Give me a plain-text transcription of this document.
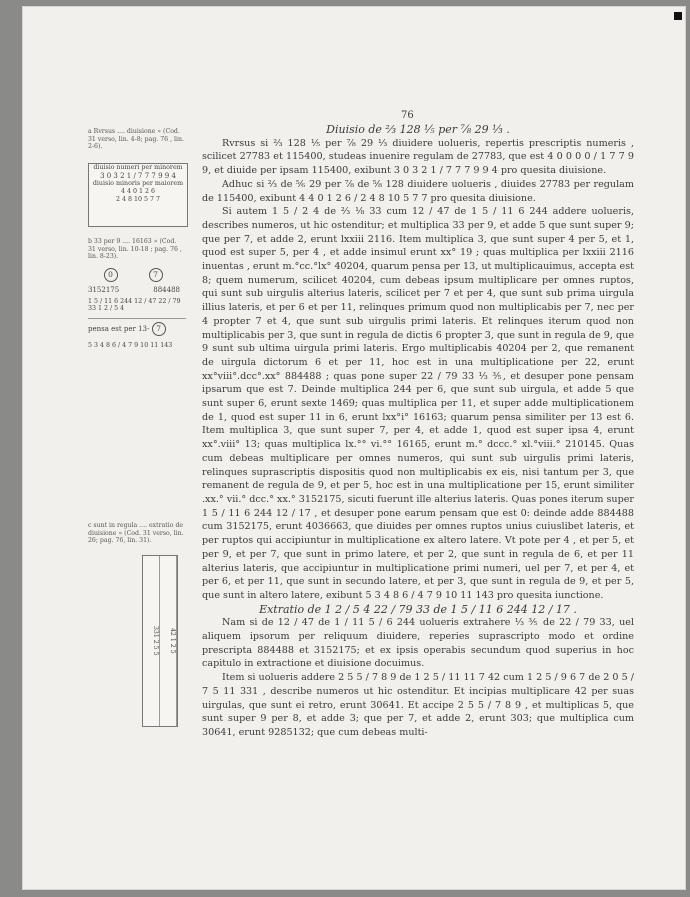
76

Diuisio de ⅔ 128 ⅕ per ⅞ 29 ⅓ .

Rvrsus si ⅔ 128 ⅕ per ⅞ 29 ⅓ diuidere uolueris, repertis prescriptis numeris , scilicet 27783 et 115400, studeas inuenire regulam de 27783, que est 4 0 0 0 0 / 1 7 7 9 9, et diuide per ipsam 115400, exibunt 3 0 3 2 1 / 7 7 7 9 9 4 pro quesita diuisione.

Adhuc si ⅔ de ⅚ 29 per ⅞ de ⅝ 128 diuidere uolueris , diuides 27783 per regulam de 115400, exibunt 4 4 0 1 2 6 / 2 4 8 10 5 7 7 pro quesita diuisione.

Si autem 1 5 / 2 4 de ⅔ ⅛ 33 cum 12 / 47 de 1 5 / 11 6 244 addere uolueris, describes numeros, ut hic ostenditur; et multiplica 33 per 9, et adde 5 que sunt super 9; que per 7, et adde 2, erunt lxxiii 2116. Item multiplica 3, que sunt super 4 per 5, et 1, quod est super 5, per 4 , et adde insimul erunt xx° 19 ; quas multiplica per lxxiii 2116 inuentas , erunt m.°cc.°lx° 40204, quarum pensa per 13, ut multiplicauimus, accepta est 8; quem numerum, scilicet 40204, cum debeas ipsum multiplicare per omnes ruptos, qui sunt sub uirgulis alterius lateris, scilicet per 7 et per 4, que sunt sub prima uirgula illius lateris, et per 6 et per 11, relinques primum quod non multiplicabis per 7, nec per 4 propter 7 et 4, que sunt sub uirgulis primi lateris. Et relinques iterum quod non multiplicabis per 3, que sunt in regula de dictis 6 propter 3, que sunt in regula de 9, que 9 sunt sub ultima uirgula primi lateris. Ergo multiplicabis 40204 per 2, que remanent de uirgula dictorum 6 et per 11, hoc est in una multiplicatione per 22, erunt xx°viii°.dcc°.xx° 884488 ; quas pone super 22 / 79 33 ⅓ ⅗, et desuper pone pensam ipsarum que est 7. Deinde multiplica 244 per 6, que sunt sub uirgula, et adde 5 que sunt super 6, erunt sexte 1469; quas multiplica per 11, et super adde multiplicationem de 1, quod est super 11 in 6, erunt lxx°i° 16163; quarum pensa similiter per 13 est 6. Item multiplica 3, que sunt super 7, per 4, et adde 1, quod est super ipsa 4, erunt xx°.viii° 13; quas multiplica lx.°° vi.°° 16165, erunt m.° dccc.° xl.°viii.° 210145. Quas cum debeas multiplicare per omnes numeros, qui sunt sub uirgulis primi lateris, relinques suprascriptis dispositis quod non multiplicabis ex eis, nisi tantum per 3, que remanent de regula de 9, et per 5, hoc est in una multiplicatione per 15, erunt similiter .xx.° vii.° dcc.° xx.° 3152175, sicuti fuerunt ille alterius lateris. Quas pones iterum super 1 5 / 11 6 244 12 / 17 , et desuper pone earum pensam que est 0: deinde adde 884488 cum 3152175, erunt 4036663, que diuides per omnes ruptos unius cuiuslibet lateris, et per ruptos qui accipiuntur in multiplicatione ex altero latere. Vt pote per 4 , et per 5, et per 9, et per 7, que sunt in primo latere, et per 2, que sunt in regula de 6, et per 11 alterius lateris, que accipiuntur in multiplicatione primi numeri, uel per 7, et per 4, et per 6, et per 11, que sunt in secundo latere, et per 3, que sunt in regula de 9, et per 5, que sunt in altero latere, exibunt 5 3 4 8 6 / 4 7 9 10 11 143 pro quesita iunctione.

Extratio de 1 2 / 5 4 22 / 79 33 de 1 5 / 11 6 244 12 / 17 .

Nam si de 12 / 47 de 1 / 11 5 / 6 244 uolueris extrahere ⅓ ⅗ de 22 / 79 33, uel aliquem ipsorum per reliquum diuidere, reperies suprascripto modo et ordine prescripta 884488 et 3152175; et ex ipsis operabis secundum quod superius in hoc capitulo in extractione et diuisione docuimus.

Item si uolueris addere 2 5 5 / 7 8 9 de 1 2 5 / 11 11 7 42 cum 1 2 5 / 9 6 7 de 2 0 5 / 7 5 11 331 , describe numeros ut hic ostenditur. Et incipias multiplicare 42 per suas uirgulas, que sunt ei retro, erunt 30641. Et accipe 2 5 5 / 7 8 9 , et multiplicas 5, que sunt super 9 per 8, et adde 3; que per 7, et adde 2, erunt 303; que multiplica cum 30641, erunt 9285132; que cum debeas multi-

a Rvrsus .... diuisione » (Cod. 31 verso, lin. 4-8; pag. 76 , lin. 2-6).
diuisio numeri per minorem
3 0 3 2 1 / 7 7 7 9 9 4
diuisio minoris per maiorem
4 4 0 1 2 6
2 4 8 10 5 7 7
b 33 per 9 .... 16163 » (Cod. 31 verso, lin. 10-18 ; pag. 76 , lin. 8-23).
0	7
3152175	884488
1 5 / 11 6 244 12 / 47 22 / 79 33 1 2 / 5 4
pensa est per 13- 7
5 3 4 8 6 / 4 7 9 10 11 143
c sunt in regula .... extratio de diuisione » (Cod. 31 verso, lin. 26; pag. 76, lin. 31).
331 2 5 5	42 1 2 5
